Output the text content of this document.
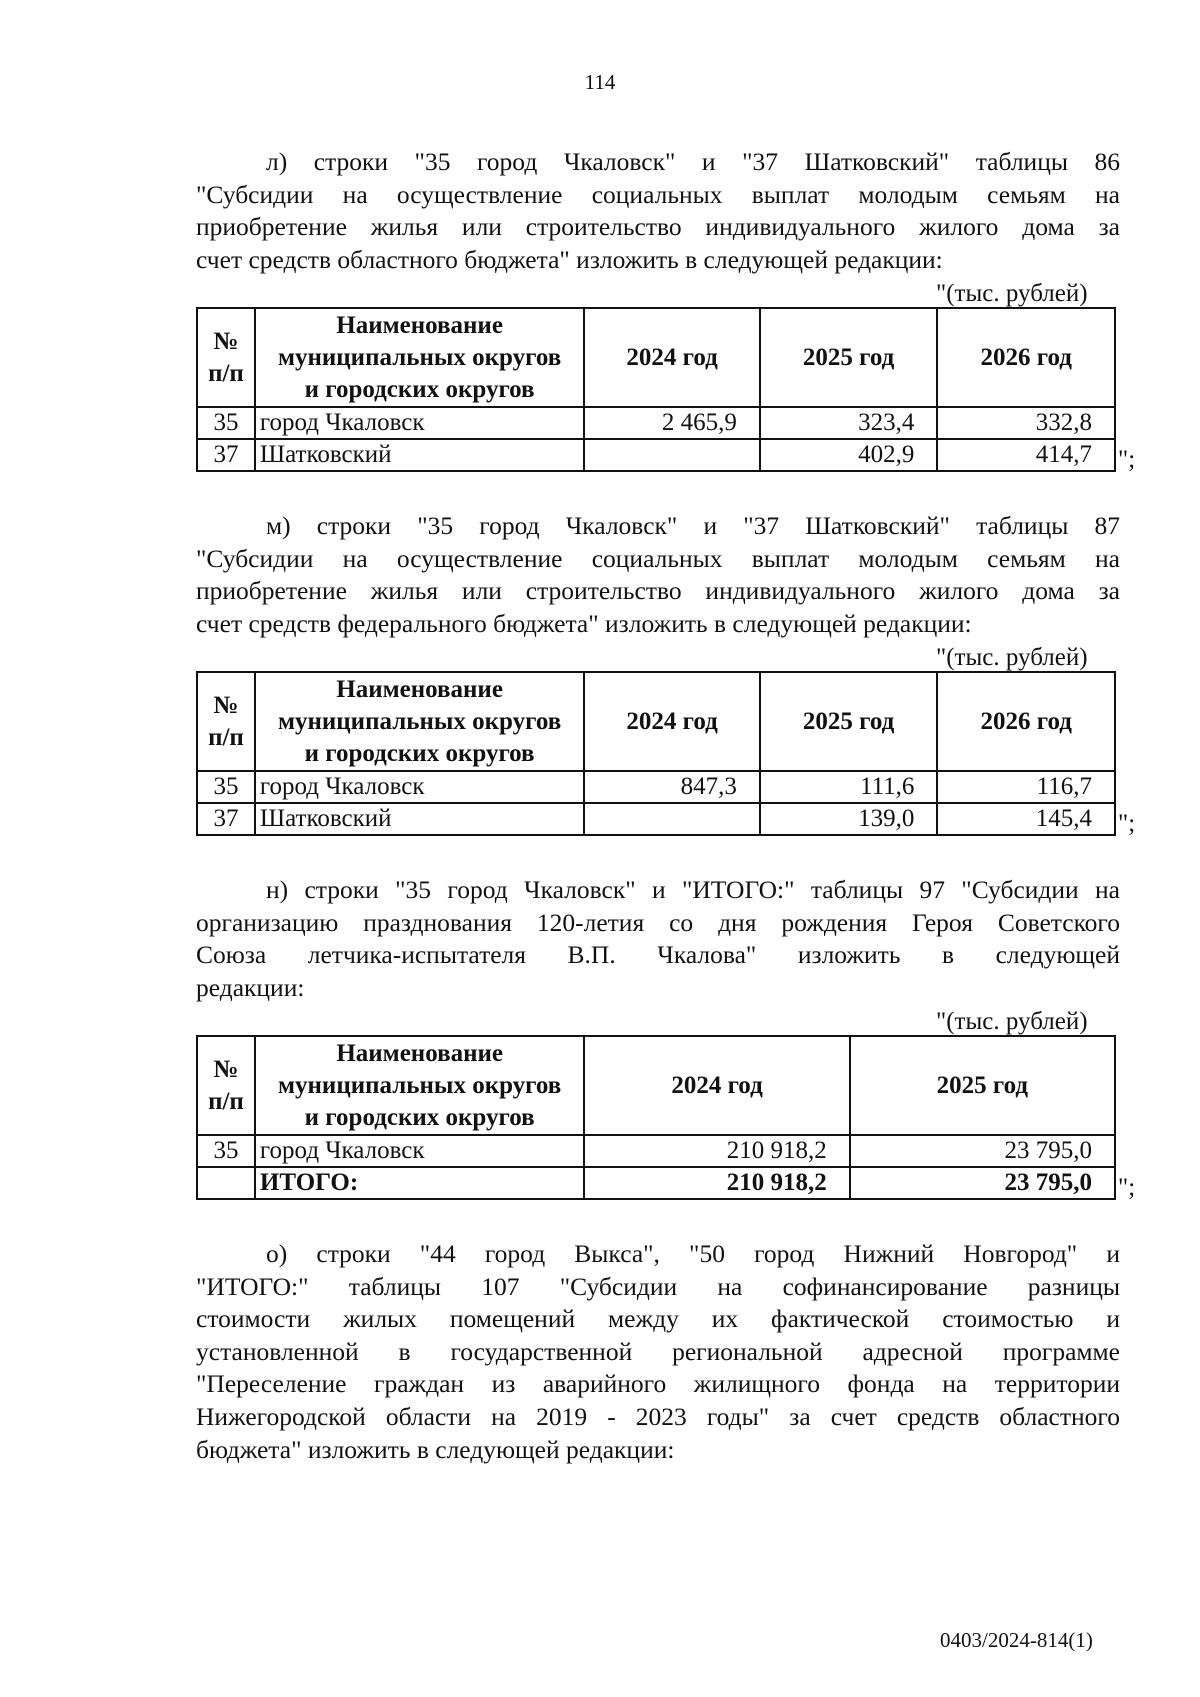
114
л) строки "35 город Чкаловск" и "37 Шатковский" таблицы 86
"Субсидии на осуществление социальных выплат молодым семьям на
приобретение жилья или строительство индивидуального жилого дома за
счет средств областного бюджета" изложить в следующей редакции:
"(тыс. рублей)
№
п/п	Наименование
муниципальных округов
и городских округов	2024 год	2025 год	2026 год
35	город Чкаловск	2 465,9	323,4	332,8
37	Шатковский		402,9	414,7 ";
м) строки "35 город Чкаловск" и "37 Шатковский" таблицы 87
"Субсидии на осуществление социальных выплат молодым семьям на
приобретение жилья или строительство индивидуального жилого дома за
счет средств федерального бюджета" изложить в следующей редакции:
"(тыс. рублей)
№
п/п	Наименование
муниципальных округов
и городских округов	2024 год	2025 год	2026 год
35	город Чкаловск	847,3	111,6	116,7
37	Шатковский		139,0	145,4 ";
н) строки "35 город Чкаловск" и "ИТОГО:" таблицы 97 "Субсидии на
организацию празднования 120-летия со дня рождения Героя Советского
Союза летчика-испытателя В.П. Чкалова" изложить в следующей
редакции:
"(тыс. рублей)
№
п/п	Наименование
муниципальных округов
и городских округов	2024 год	2025 год
35	город Чкаловск	210 918,2	23 795,0
	ИТОГО:	210 918,2	23 795,0 ";
о) строки "44 город Выкса", "50 город Нижний Новгород" и
"ИТОГО:" таблицы 107 "Субсидии на софинансирование разницы
стоимости жилых помещений между их фактической стоимостью и
установленной в государственной региональной адресной программе
"Переселение граждан из аварийного жилищного фонда на территории
Нижегородской области на 2019 - 2023 годы" за счет средств областного
бюджета" изложить в следующей редакции:
0403/2024-814(1)
